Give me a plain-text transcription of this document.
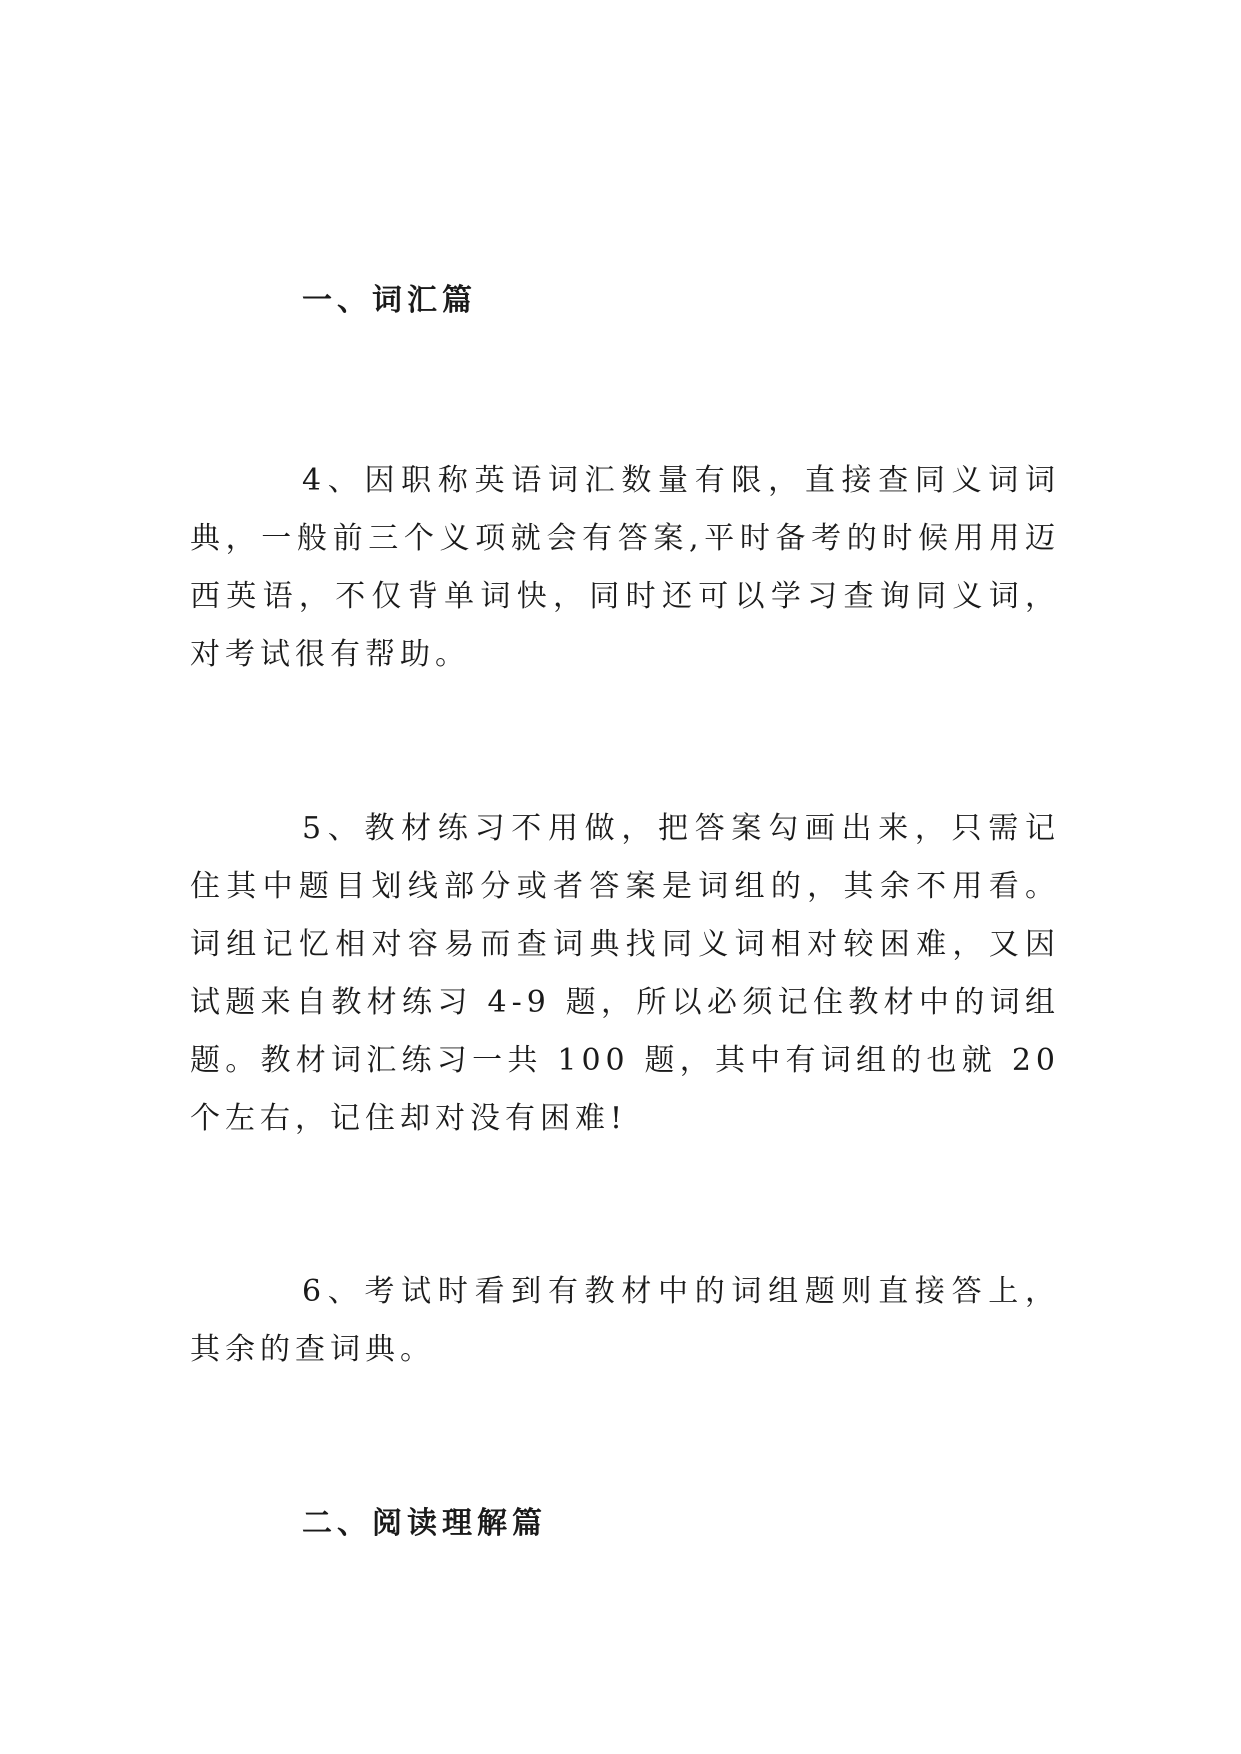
一、词汇篇

4、因职称英语词汇数量有限，直接查同义词词典，一般前三个义项就会有答案,平时备考的时候用用迈西英语，不仅背单词快，同时还可以学习查询同义词，对考试很有帮助。

5、教材练习不用做，把答案勾画出来，只需记住其中题目划线部分或者答案是词组的，其余不用看。词组记忆相对容易而查词典找同义词相对较困难，又因试题来自教材练习 4-9 题，所以必须记住教材中的词组题。教材词汇练习一共 100 题，其中有词组的也就 20 个左右，记住却对没有困难!

6、考试时看到有教材中的词组题则直接答上，其余的查词典。

二、阅读理解篇
